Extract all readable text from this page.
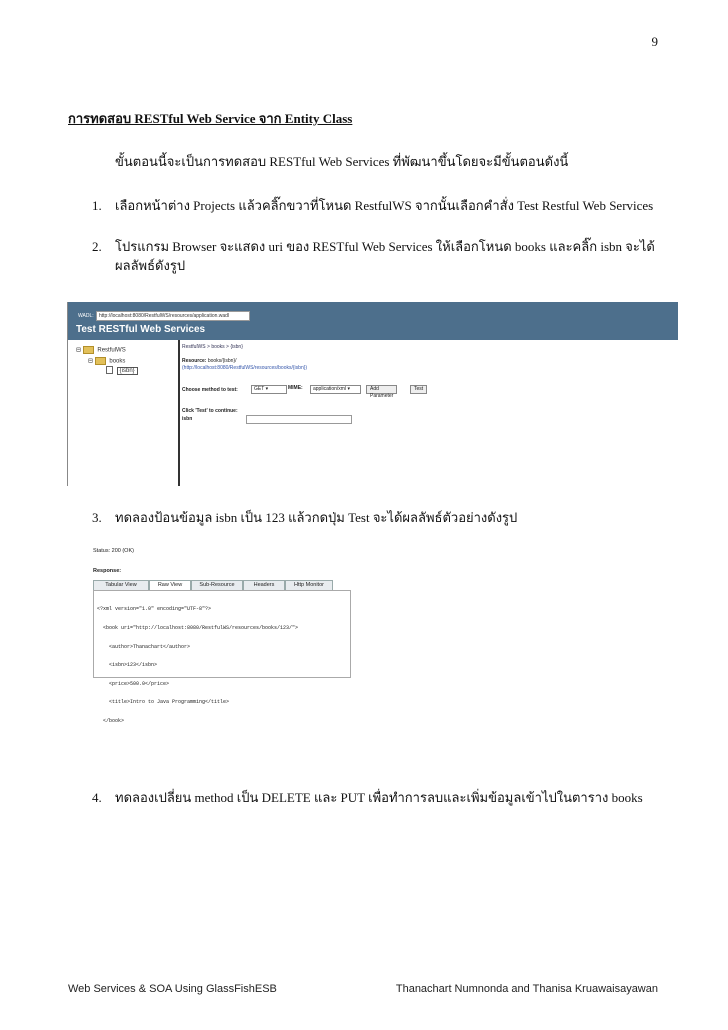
9
การทดสอบ RESTful Web Service จาก Entity Class
ขั้นตอนนี้จะเป็นการทดสอบ RESTful Web Services ที่พัฒนาขึ้นโดยจะมีขั้นตอนดังนี้
1. เลือกหน้าต่าง Projects แล้วคลิ๊กขวาที่โหนด RestfulWS จากนั้นเลือกคำสั่ง Test Restful Web Services
2. โปรแกรม Browser จะแสดง uri ของ RESTful Web Services ให้เลือกโหนด books และคลิ๊ก isbn จะได้ผลลัพธ์ดังรูป
WADL:	http://localhost:8080/RestfulWS/resources/application.wadl
Test RESTful Web Services
⊟	RestfulWS
⊟	books
{isbn}
RestfulWS > books > {isbn}
Resource: books/{isbn}/
(http://localhost:8080/RestfulWS/resources/books/{isbn})
Choose method to test:	GET ▾	MIME:	application/xml ▾	Add Parameter
Test
Click 'Test' to continue:
isbn
3. ทดลองป้อนข้อมูล isbn เป็น 123 แล้วกดปุ่ม Test จะได้ผลลัพธ์ตัวอย่างดังรูป
Status: 200 (OK)
Response:
Tabular View	Raw View	Sub-Resource	Headers	Http Monitor

<?xml version="1.0" encoding="UTF-8"?>

<book uri="http://localhost:8080/RestfulWS/resources/books/123/">

<author>Thanachart</author>

<isbn>123</isbn>

<price>500.0</price>

<title>Intro to Java Programming</title>

</book>

4. ทดลองเปลี่ยน method เป็น DELETE และ PUT เพื่อทำการลบและเพิ่มข้อมูลเข้าไปในตาราง books
Web Services & SOA Using GlassFishESB	Thanachart Numnonda and Thanisa Kruawaisayawan
